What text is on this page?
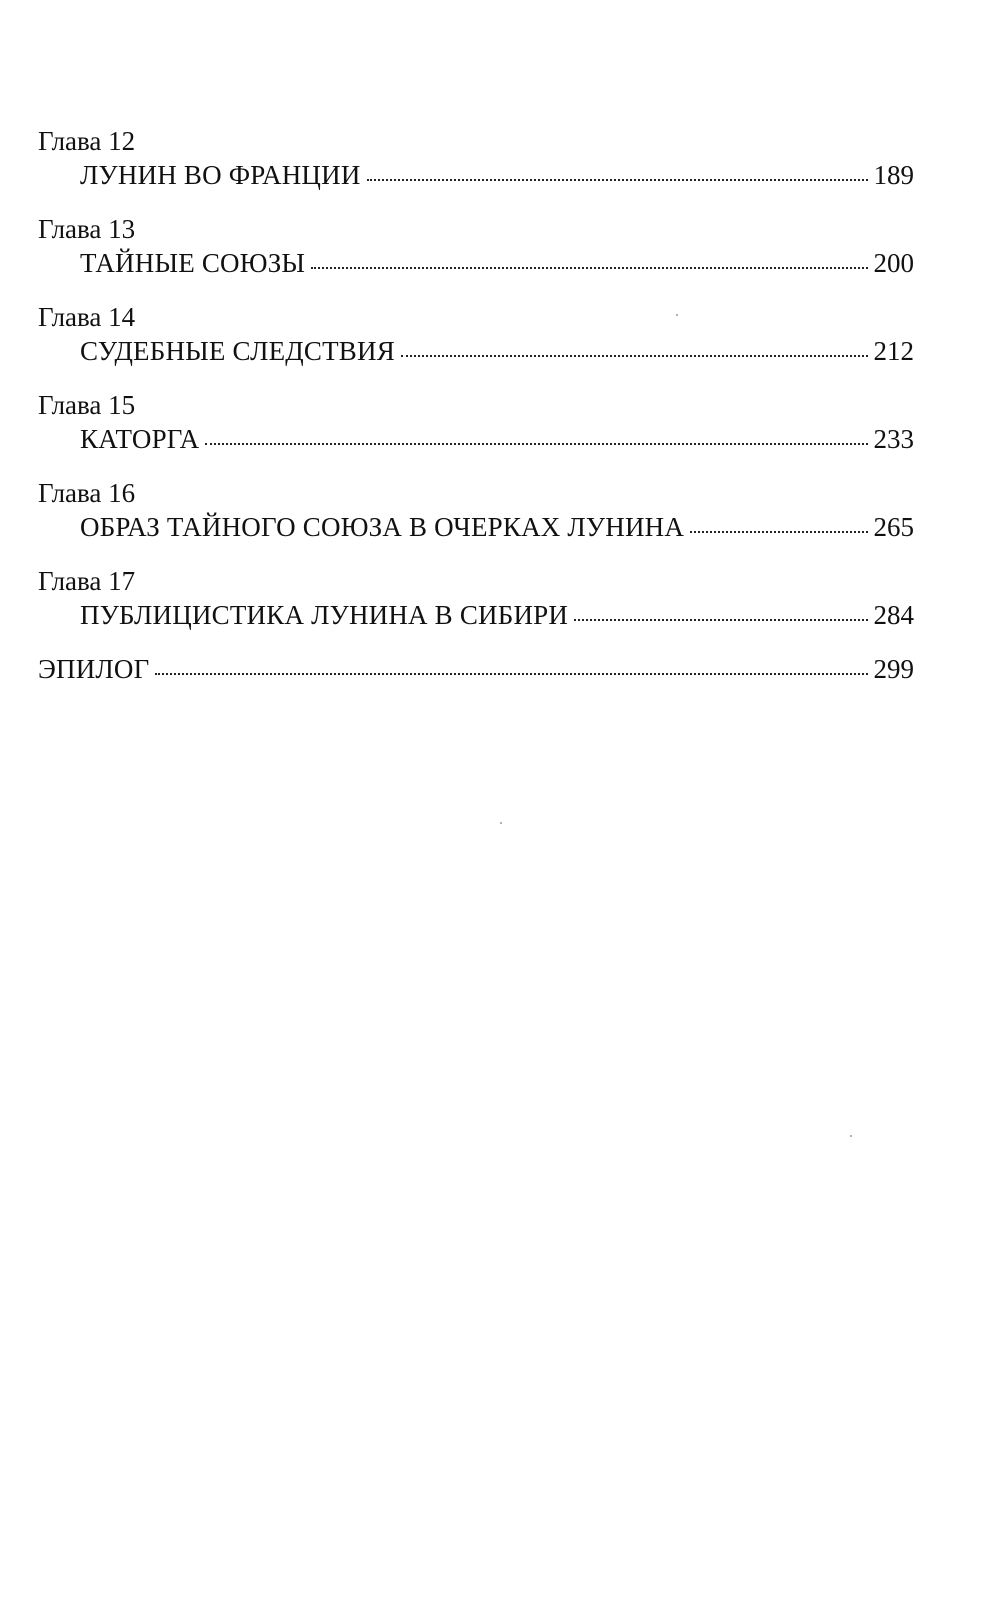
Глава 12
ЛУНИН ВО ФРАНЦИИ	189
Глава 13
ТАЙНЫЕ СОЮЗЫ	200
Глава 14
СУДЕБНЫЕ СЛЕДСТВИЯ	212
Глава 15
КАТОРГА	233
Глава 16
ОБРАЗ ТАЙНОГО СОЮЗА В ОЧЕРКАХ ЛУНИНА	265
Глава 17
ПУБЛИЦИСТИКА ЛУНИНА В СИБИРИ	284
ЭПИЛОГ	299
